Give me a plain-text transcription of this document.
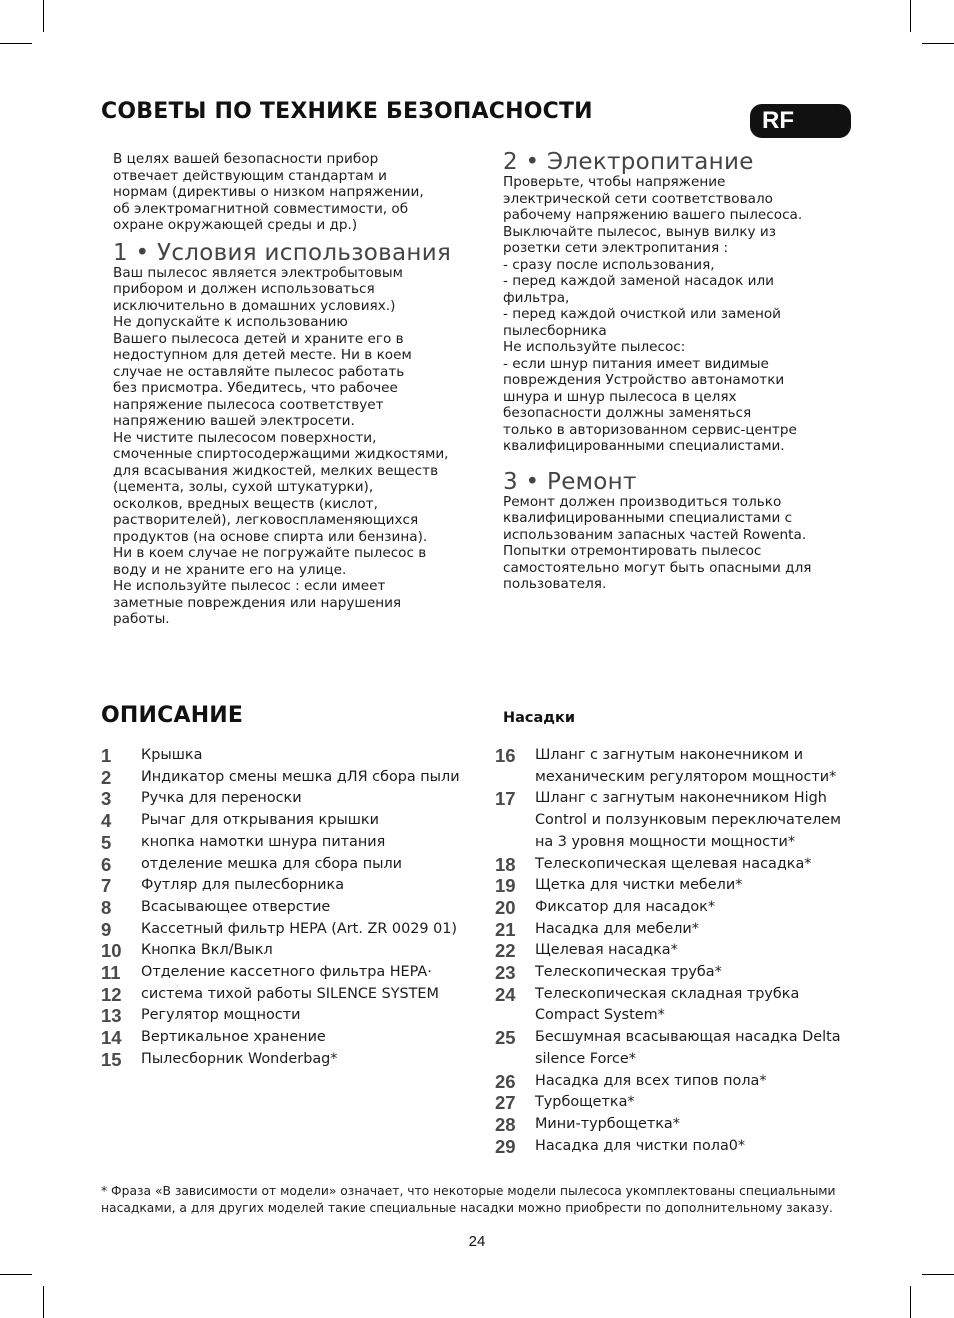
СОВЕТЫ ПО ТЕХНИКЕ БЕЗОПАСНОСТИ	RF

В целях вашей безопасности прибор
отвечает действующим стандартам и
нормам (директивы о низком напряжении,
об электромагнитной совместимости, об
охране окружающей среды и др.)

1 • Условия использования

Ваш пылесос является электробытовым
прибором и должен использоваться
исключительно в домашних условиях.)
Не допускайте к использованию
Вашего пылесоса детей и храните его в
недоступном для детей месте. Ни в коем
случае не оставляйте пылесос работать
без присмотра. Убедитесь, что рабочее
напряжение пылесоса соответствует
напряжению вашей электросети.
Не чистите пылесосом поверхности,
смоченные спиртосодержащими жидкостями,
для всасывания жидкостей, мелких веществ
(цемента, золы, сухой штукатурки),
осколков, вредных веществ (кислот,
растворителей), легковоспламеняющихся
продуктов (на основе спирта или бензина).
Ни в коем случае не погружайте пылесос в
воду и не храните его на улице.
Не используйте пылесос : если имеет
заметные повреждения или нарушения
работы.

2 • Электропитание

Проверьте, чтобы напряжение
электрической сети соответствовало
рабочему напряжению вашего пылесоса.
Выключайте пылесос, вынув вилку из
розетки сети электропитания :
- сразу после использования,
- перед каждой заменой насадок или
фильтра,
- перед каждой очисткой или заменой
пылесборника
Не используйте пылесос:
- если шнур питания имеет видимые
повреждения Устройство автонамотки
шнура и шнур пылесоса в целях
безопасности должны заменяться
только в авторизованном сервис-центре
квалифицированными специалистами.

3 • Ремонт

Ремонт должен производиться только
квалифицированными специалистами с
использованим запасных частей Rowenta.
Попытки отремонтировать пылесос
самостоятельно могут быть опасными для
пользователя.

ОПИСАНИЕ
1	Крышка
2	Индикатор смены мешка дЛЯ сбора пыли
3	Ручка для переноски
4	Рычаг для открывания крышки
5	кнопка намотки шнура питания
6	отделение мешка для сбора пыли
7	Футляр для пылесборника
8	Всасывающее отверстие
9	Кассетный фильтр HEPA (Art. ZR 0029 01)
10	Кнопка Вкл/Выкл
11	Отделение кассетного фильтра HEPA·
12	система тихой работы SILENCE SYSTEM
13	Регулятор мощности
14	Вертикальное хранение
15	Пылесборник Wonderbag*
Насадки
16	Шланг с загнутым наконечником и
механическим регулятором мощности*
17	Шланг с загнутым наконечником High
Control и ползунковым переключателем
на 3 уровня мощности мощности*
18	Телескопическая щелевая насадка*
19	Щетка для чистки мебели*
20	Фиксатор для насадок*
21	Насадка для мебели*
22	Щелевая насадка*
23	Телескопическая труба*
24	Телескопическая складная трубка
Compact System*
25	Бесшумная всасывающая насадка Delta
silence Force*
26	Насадка для всех типов пола*
27	Турбощетка*
28	Мини-турбощетка*
29	Насадка для чистки пола0*

* Фраза «В зависимости от модели» означает, что некоторые модели пылесоса укомплектованы специальными
насадками, а для других моделей такие специальные насадки можно приобрести по дополнительному заказу.

24
